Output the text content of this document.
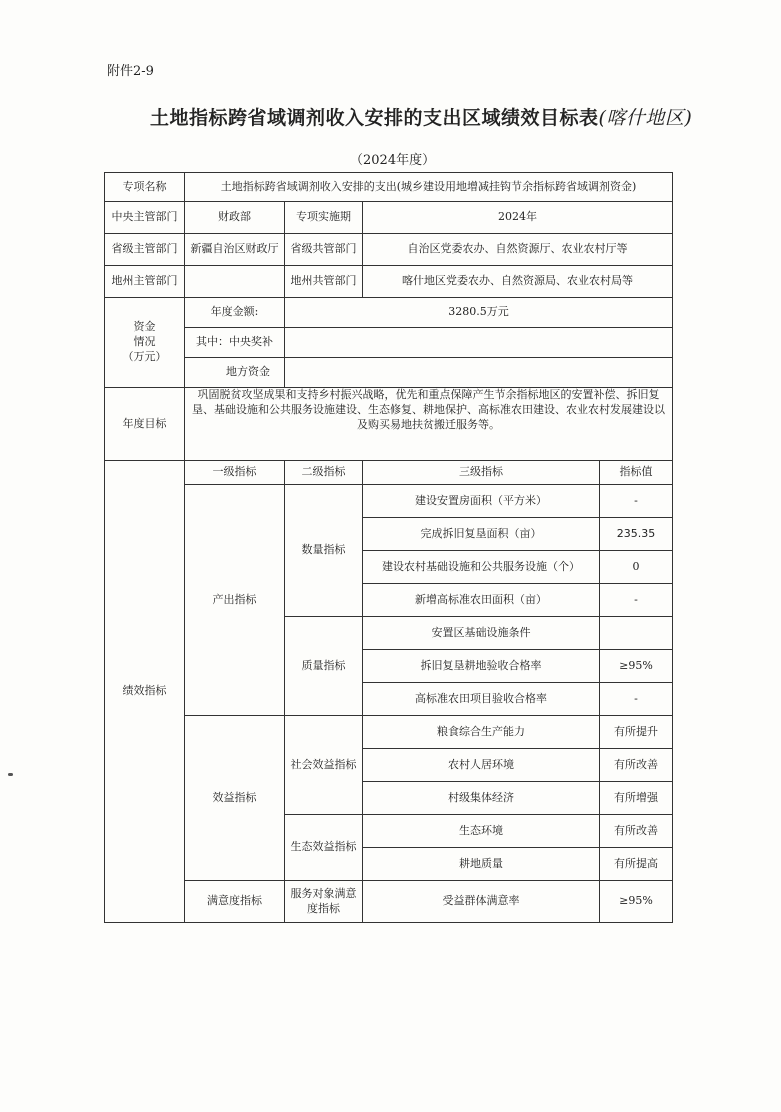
附件2-9
土地指标跨省域调剂收入安排的支出区域绩效目标表(喀什地区)
（2024年度）
专项名称	土地指标跨省域调剂收入安排的支出(城乡建设用地增减挂钩节余指标跨省域调剂资金)			
中央主管部门	财政部	专项实施期	2024年	
省级主管部门	新疆自治区财政厅	省级共管部门	自治区党委农办、自然资源厅、农业农村厅等	
地州主管部门		地州共管部门	喀什地区党委农办、自然资源局、农业农村局等	
资金
情况
（万元）	年度金额:	3280.5万元		
	其中：中央奖补			
	地方资金			
年度目标	巩固脱贫攻坚成果和支持乡村振兴战略，优先和重点保障产生节余指标地区的安置补偿、拆旧复垦、基础设施和公共服务设施建设、生态修复、耕地保护、高标准农田建设、农业农村发展建设以及购买易地扶贫搬迁服务等。			
绩效指标	一级指标	二级指标	三级指标	指标值
	产出指标	数量指标	建设安置房面积（平方米）	-
			完成拆旧复垦面积（亩）	235.35
			建设农村基础设施和公共服务设施（个）	0
			新增高标准农田面积（亩）	-
		质量指标	安置区基础设施条件	
			拆旧复垦耕地验收合格率	≥95%
			高标准农田项目验收合格率	-
	效益指标	社会效益指标	粮食综合生产能力	有所提升
			农村人居环境	有所改善
			村级集体经济	有所增强
		生态效益指标	生态环境	有所改善
			耕地质量	有所提高
	满意度指标	服务对象满意度指标	受益群体满意率	≥95%
